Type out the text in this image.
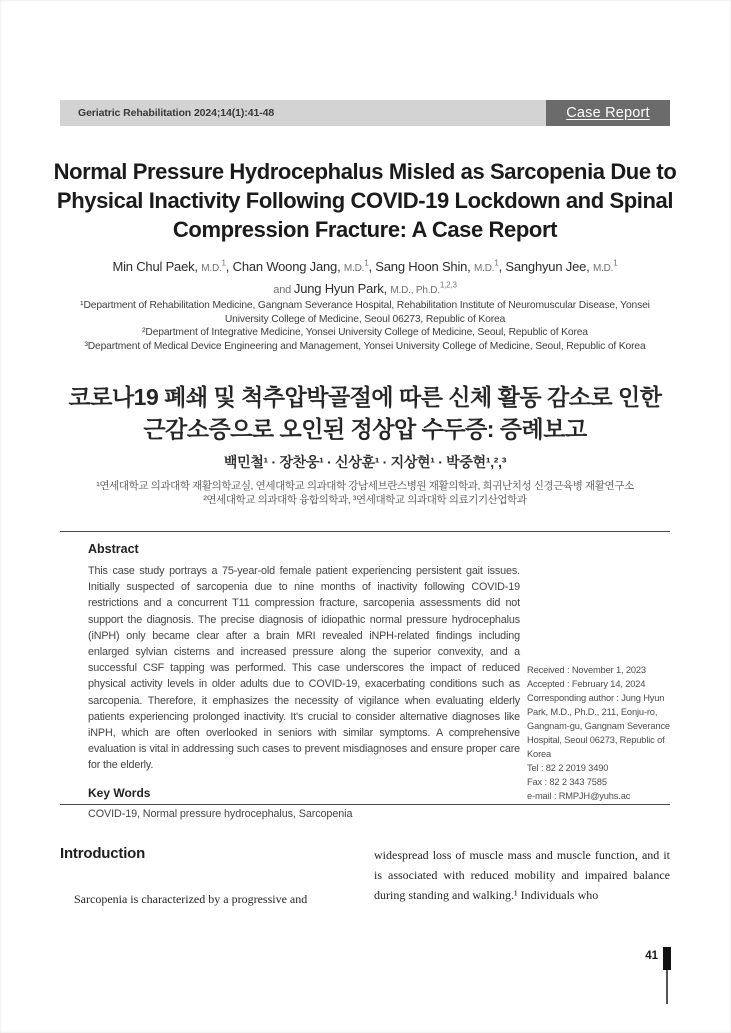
Geriatric Rehabilitation 2024;14(1):41-48	Case Report
Normal Pressure Hydrocephalus Misled as Sarcopenia Due to Physical Inactivity Following COVID-19 Lockdown and Spinal Compression Fracture: A Case Report
Min Chul Paek, M.D.$^1$, Chan Woong Jang, M.D.$^1$, Sang Hoon Shin, M.D.$^1$, Sanghyun Jee, M.D.$^1$
and Jung Hyun Park, M.D., Ph.D.$^{1,2,3}$
¹Department of Rehabilitation Medicine, Gangnam Severance Hospital, Rehabilitation Institute of Neuromuscular Disease, Yonsei University College of Medicine, Seoul 06273, Republic of Korea
²Department of Integrative Medicine, Yonsei University College of Medicine, Seoul, Republic of Korea
³Department of Medical Device Engineering and Management, Yonsei University College of Medicine, Seoul, Republic of Korea
코로나19 폐쇄 및 척추압박골절에 따른 신체 활동 감소로 인한 근감소증으로 오인된 정상압 수두증: 증례보고
백민철¹ · 장찬웅¹ · 신상훈¹ · 지상현¹ · 박중현¹,²,³
¹연세대학교 의과대학 재활의학교실, 연세대학교 의과대학 강남세브란스병원 재활의학과, 희귀난치성 신경근육병 재활연구소
²연세대학교 의과대학 융합의학과, ³연세대학교 의과대학 의료기기산업학과
Abstract
This case study portrays a 75-year-old female patient experiencing persistent gait issues. Initially suspected of sarcopenia due to nine months of inactivity following COVID-19 restrictions and a concurrent T11 compression fracture, sarcopenia assessments did not support the diagnosis. The precise diagnosis of idiopathic normal pressure hydrocephalus (iNPH) only became clear after a brain MRI revealed iNPH-related findings including enlarged sylvian cisterns and increased pressure along the superior convexity, and a successful CSF tapping was performed. This case underscores the impact of reduced physical activity levels in older adults due to COVID-19, exacerbating conditions such as sarcopenia. Therefore, it emphasizes the necessity of vigilance when evaluating elderly patients experiencing prolonged inactivity. It's crucial to consider alternative diagnoses like iNPH, which are often overlooked in seniors with similar symptoms. A comprehensive evaluation is vital in addressing such cases to prevent misdiagnoses and ensure proper care for the elderly.
Key Words
COVID-19, Normal pressure hydrocephalus, Sarcopenia
Received : November 1, 2023
Accepted : February 14, 2024
Corresponding author : Jung Hyun Park, M.D., Ph.D., 211, Eonju-ro, Gangnam-gu, Gangnam Severance Hospital, Seoul 06273, Republic of Korea
Tel : 82 2 2019 3490
Fax : 82 2 343 7585
e-mail : RMPJH@yuhs.ac
Introduction
Sarcopenia is characterized by a progressive and
widespread loss of muscle mass and muscle function, and it is associated with reduced mobility and impaired balance during standing and walking.¹ Individuals who
41
